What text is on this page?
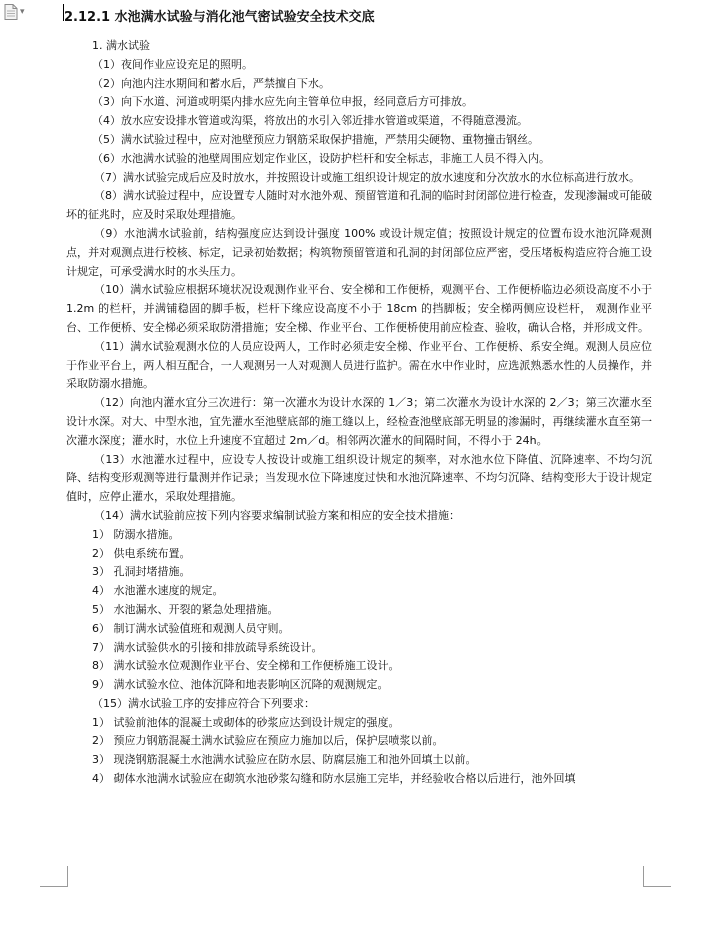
▾	2.12.1 水池满水试验与消化池气密试验安全技术交底

1. 满水试验

（1）夜间作业应设充足的照明。

（2）向池内注水期间和蓄水后，严禁擅自下水。

（3）向下水道、河道或明渠内排水应先向主管单位申报，经同意后方可排放。

（4）放水应安设排水管道或沟渠，将放出的水引入邻近排水管道或渠道，不得随意漫流。

（5）满水试验过程中，应对池壁预应力钢筋采取保护措施，严禁用尖硬物、重物撞击钢丝。

（6）水池满水试验的池壁周围应划定作业区，设防护栏杆和安全标志，非施工人员不得入内。

（7）满水试验完成后应及时放水，并按照设计或施工组织设计规定的放水速度和分次放水的水位标高进行放水。

（8）满水试验过程中，应设置专人随时对水池外观、预留管道和孔洞的临时封闭部位进行检查，发现渗漏或可能破坏的征兆时，应及时采取处理措施。

（9）水池满水试验前，结构强度应达到设计强度 100% 或设计规定值；按照设计规定的位置布设水池沉降观测点，并对观测点进行校核、标定，记录初始数据；构筑物预留管道和孔洞的封闭部位应严密，受压堵板构造应符合施工设计规定，可承受满水时的水头压力。

（10）满水试验应根据环境状况设观测作业平台、安全梯和工作便桥，观测平台、工作便桥临边必须设高度不小于 1.2m 的栏杆，并满铺稳固的脚手板，栏杆下缘应设高度不小于 18cm 的挡脚板；安全梯两侧应设栏杆， 观测作业平台、工作便桥、安全梯必须采取防滑措施；安全梯、作业平台、工作便桥使用前应检查、验收，确认合格，并形成文件。

（11）满水试验观测水位的人员应设两人，工作时必须走安全梯、作业平台、工作便桥、系安全绳。观测人员应位于作业平台上，两人相互配合，一人观测另一人对观测人员进行监护。需在水中作业时，应选派熟悉水性的人员操作，并采取防溺水措施。

（12）向池内灌水宜分三次进行：第一次灌水为设计水深的 1／3；第二次灌水为设计水深的 2／3；第三次灌水至设计水深。对大、中型水池，宜先灌水至池壁底部的施工缝以上，经检查池壁底部无明显的渗漏时，再继续灌水直至第一次灌水深度；灌水时，水位上升速度不宜超过 2m／d。相邻两次灌水的间隔时间，不得小于 24h。

（13）水池灌水过程中，应设专人按设计或施工组织设计规定的频率，对水池水位下降值、沉降速率、不均匀沉降、结构变形观测等进行量测并作记录；当发现水位下降速度过快和水池沉降速率、不均匀沉降、结构变形大于设计规定值时，应停止灌水，采取处理措施。

（14）满水试验前应按下列内容要求编制试验方案和相应的安全技术措施：

1） 防溺水措施。

2） 供电系统布置。

3） 孔洞封堵措施。

4） 水池灌水速度的规定。

5） 水池漏水、开裂的紧急处理措施。

6） 制订满水试验值班和观测人员守则。

7） 满水试验供水的引接和排放疏导系统设计。

8） 满水试验水位观测作业平台、安全梯和工作便桥施工设计。

9） 满水试验水位、池体沉降和地表影响区沉降的观测规定。

（15）满水试验工序的安排应符合下列要求：

1） 试验前池体的混凝土或砌体的砂浆应达到设计规定的强度。

2） 预应力钢筋混凝土满水试验应在预应力施加以后，保护层喷浆以前。

3） 现浇钢筋混凝土水池满水试验应在防水层、防腐层施工和池外回填土以前。

4） 砌体水池满水试验应在砌筑水池砂浆勾缝和防水层施工完毕，并经验收合格以后进行，池外回填
